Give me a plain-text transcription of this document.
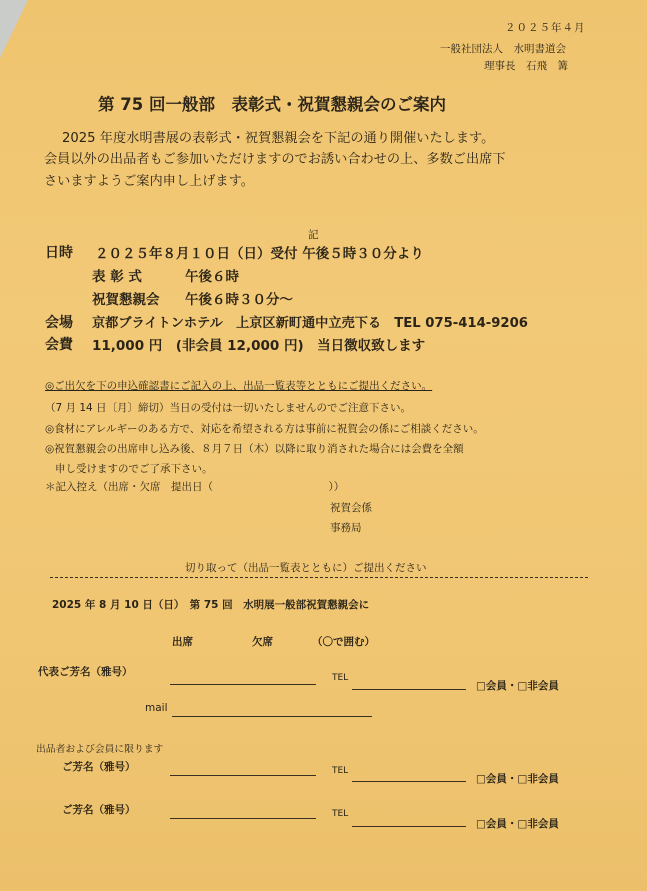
２０２５年４月
一般社団法人　水明書道会
理事長　石飛　篝
第 75 回一般部　表彰式・祝賀懇親会のご案内
2025 年度水明書展の表彰式・祝賀懇親会を下記の通り開催いたします。
会員以外の出品者もご参加いただけますのでお誘い合わせの上、多数ご出席下
さいますようご案内申し上げます。
記
日時 ２０２５年８月１０日（日）受付 午後５時３０分より
表 彰 式	午後６時
祝賀懇親会 午後６時３０分～
会場 京都ブライトンホテル　上京区新町通中立売下る　TEL 075-414-9206
会費 11,000 円　(非会員 12,000 円)　当日徴収致します
◎ご出欠を下の申込確認書にご記入の上、出品一覧表等とともにご提出ください。
（7 月 14 日〔月〕締切）当日の受付は一切いたしませんのでご注意下さい。
◎食材にアレルギーのある方で、対応を希望される方は事前に祝賀会の係にご相談ください。
◎祝賀懇親会の出席申し込み後、８月７日（木）以降に取り消された場合には会費を全額
申し受けますのでご了承下さい。
＊記入控え（出席・欠席　提出日（　　　　　　　　　　　））
祝賀会係
事務局
切り取って（出品一覧表とともに）ご提出ください
2025 年 8 月 10 日（日）　第 75 回　水明展一般部祝賀懇親会に
出席	欠席	（〇で囲む）
代表ご芳名（雅号）	TEL
□会員・□非会員
mail
出品者および会員に限ります
ご芳名（雅号）	TEL
□会員・□非会員
ご芳名（雅号）	TEL
□会員・□非会員
